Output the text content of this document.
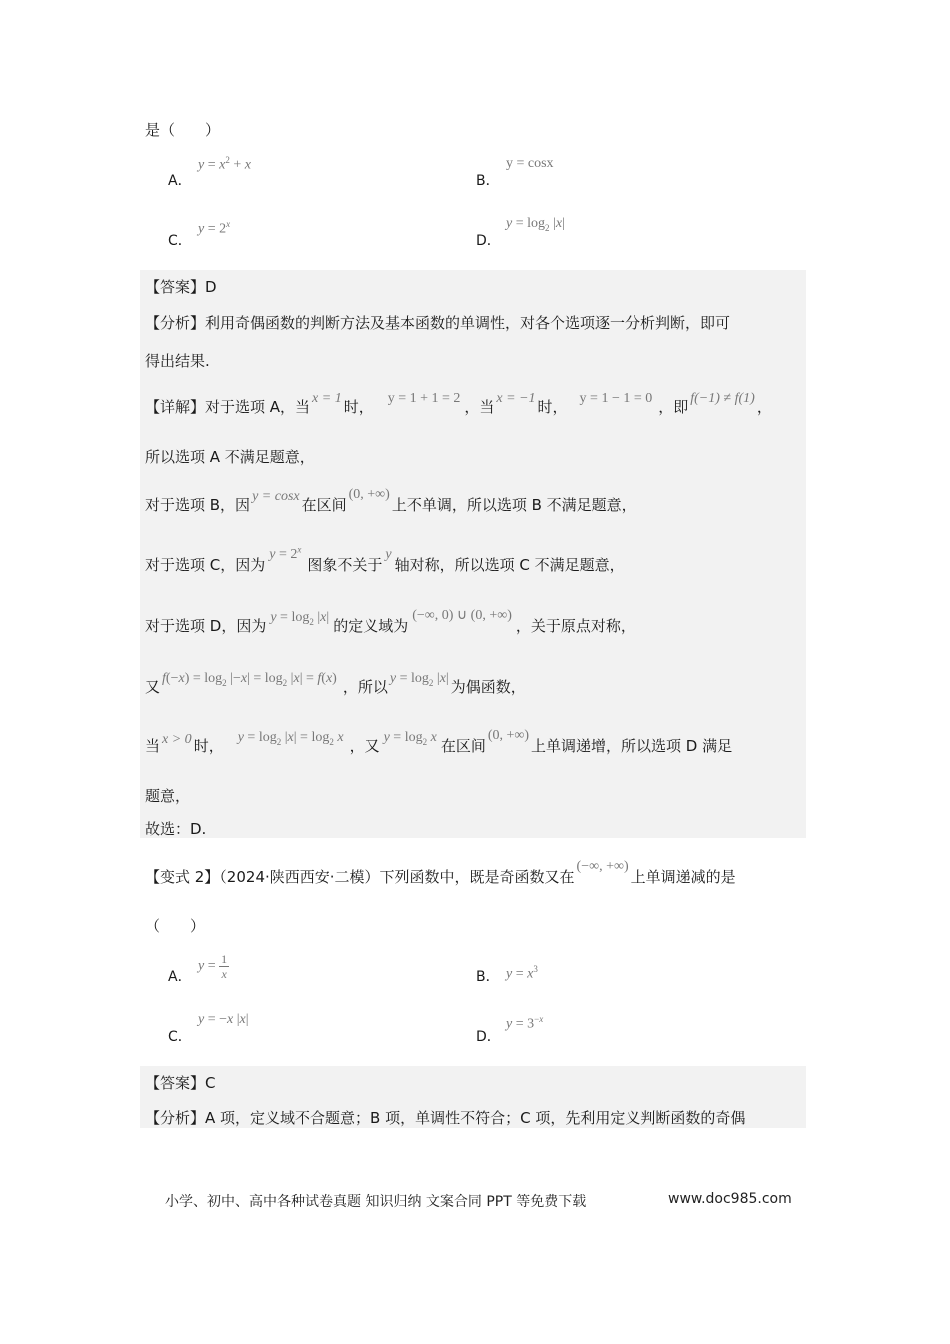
是（　　）
A．
$y = x^2 + x$
B．
y = cosx
C．
$y = 2^x$
D．
$y = \log_2 |x|$
【答案】D
【分析】利用奇偶函数的判断方法及基本函数的单调性，对各个选项逐一分析判断，即可
得出结果.
【详解】对于选项 A，当 x = 1 时， y = 1 + 1 = 2 ，当 x = −1 时， y = 1 − 1 = 0 ，即 f(−1) ≠ f(1) ，
所以选项 A 不满足题意，
对于选项 B，因 y = cosx 在区间(0, +∞)上不单调，所以选项 B 不满足题意，
对于选项 C，因为$y = 2^x$图象不关于y轴对称，所以选项 C 不满足题意，
对于选项 D，因为 $y = \log_2 |x|$ 的定义域为(−∞, 0) ∪ (0, +∞)，关于原点对称，
又 $f(-x) = \log_2 |-x| = \log_2 |x| = f(x)$ ，所以 $y = \log_2 |x|$ 为偶函数，
当 x > 0 时， $y = \log_2 |x| = \log_2 x$ ，又 $y = \log_2 x$ 在区间(0, +∞)上单调递增，所以选项 D 满足
题意，
故选：D.
【变式 2】（2024·陕西西安·二模）下列函数中，既是奇函数又在(−∞, +∞)上单调递减的是
（　　）
A．
$y = \frac{1}{x}$	B． $y = x^3$
C．
y = −x |x|
D．
$y = 3^{-x}$
【答案】C
【分析】A 项，定义域不合题意；B 项，单调性不符合；C 项，先利用定义判断函数的奇偶
小学、初中、高中各种试卷真题 知识归纳 文案合同 PPT 等免费下载	www.doc985.com
